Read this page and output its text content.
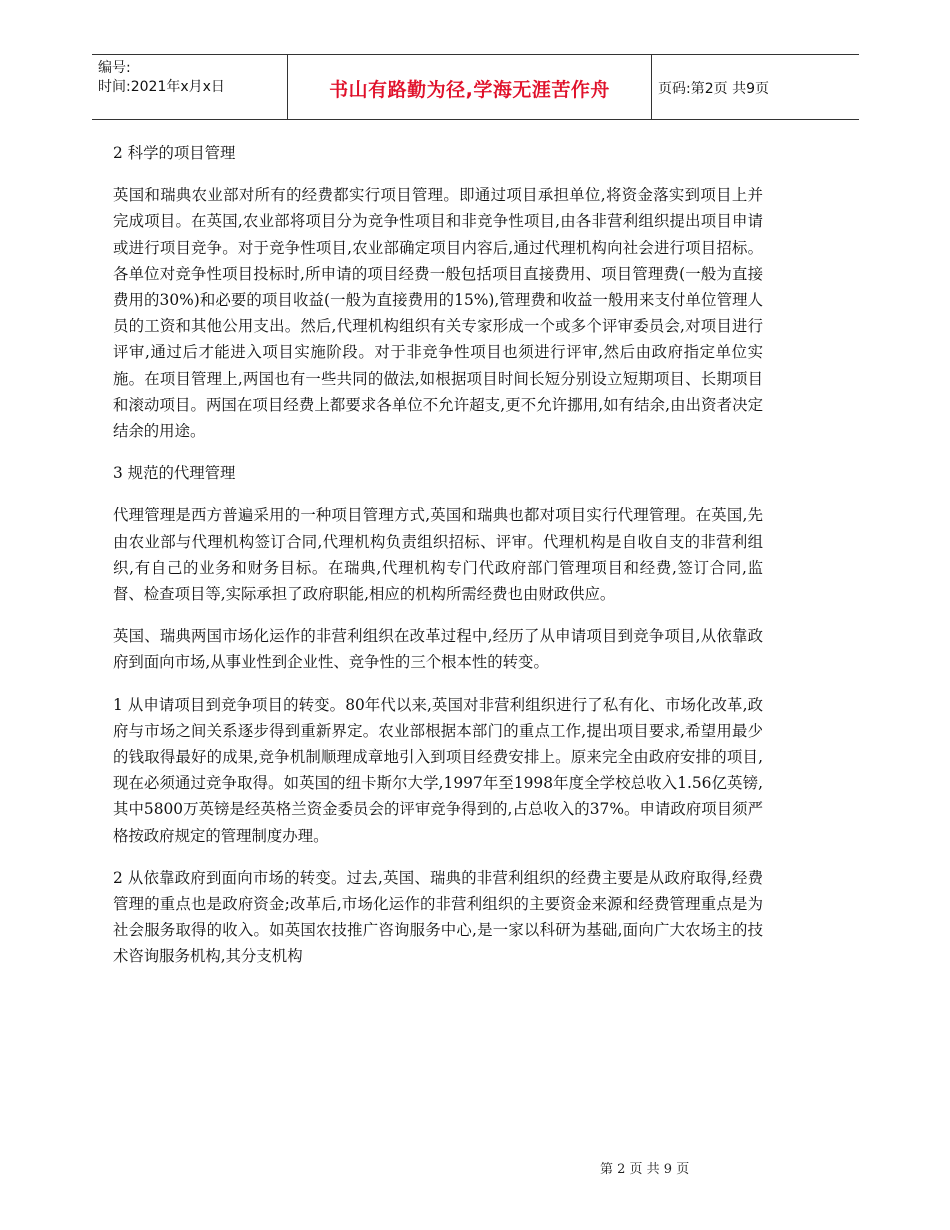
编号:
时间:2021年x月x日	书山有路勤为径,学海无涯苦作舟	页码:第2页 共9页

2 科学的项目管理

英国和瑞典农业部对所有的经费都实行项目管理。即通过项目承担单位,将资金落实到项目上并完成项目。在英国,农业部将项目分为竞争性项目和非竞争性项目,由各非营利组织提出项目申请或进行项目竞争。对于竞争性项目,农业部确定项目内容后,通过代理机构向社会进行项目招标。各单位对竞争性项目投标时,所申请的项目经费一般包括项目直接费用、项目管理费(一般为直接费用的30%)和必要的项目收益(一般为直接费用的15%),管理费和收益一般用来支付单位管理人员的工资和其他公用支出。然后,代理机构组织有关专家形成一个或多个评审委员会,对项目进行评审,通过后才能进入项目实施阶段。对于非竞争性项目也须进行评审,然后由政府指定单位实施。在项目管理上,两国也有一些共同的做法,如根据项目时间长短分别设立短期项目、长期项目和滚动项目。两国在项目经费上都要求各单位不允许超支,更不允许挪用,如有结余,由出资者决定结余的用途。

3 规范的代理管理

代理管理是西方普遍采用的一种项目管理方式,英国和瑞典也都对项目实行代理管理。在英国,先由农业部与代理机构签订合同,代理机构负责组织招标、评审。代理机构是自收自支的非营利组织,有自己的业务和财务目标。在瑞典,代理机构专门代政府部门管理项目和经费,签订合同,监督、检查项目等,实际承担了政府职能,相应的机构所需经费也由财政供应。

英国、瑞典两国市场化运作的非营利组织在改革过程中,经历了从申请项目到竞争项目,从依靠政府到面向市场,从事业性到企业性、竞争性的三个根本性的转变。

1 从申请项目到竞争项目的转变。80年代以来,英国对非营利组织进行了私有化、市场化改革,政府与市场之间关系逐步得到重新界定。农业部根据本部门的重点工作,提出项目要求,希望用最少的钱取得最好的成果,竞争机制顺理成章地引入到项目经费安排上。原来完全由政府安排的项目,现在必须通过竞争取得。如英国的纽卡斯尔大学,1997年至1998年度全学校总收入1.56亿英镑,其中5800万英镑是经英格兰资金委员会的评审竞争得到的,占总收入的37%。申请政府项目须严格按政府规定的管理制度办理。

2 从依靠政府到面向市场的转变。过去,英国、瑞典的非营利组织的经费主要是从政府取得,经费管理的重点也是政府资金;改革后,市场化运作的非营利组织的主要资金来源和经费管理重点是为社会服务取得的收入。如英国农技推广咨询服务中心,是一家以科研为基础,面向广大农场主的技术咨询服务机构,其分支机构

第 2 页 共 9 页
